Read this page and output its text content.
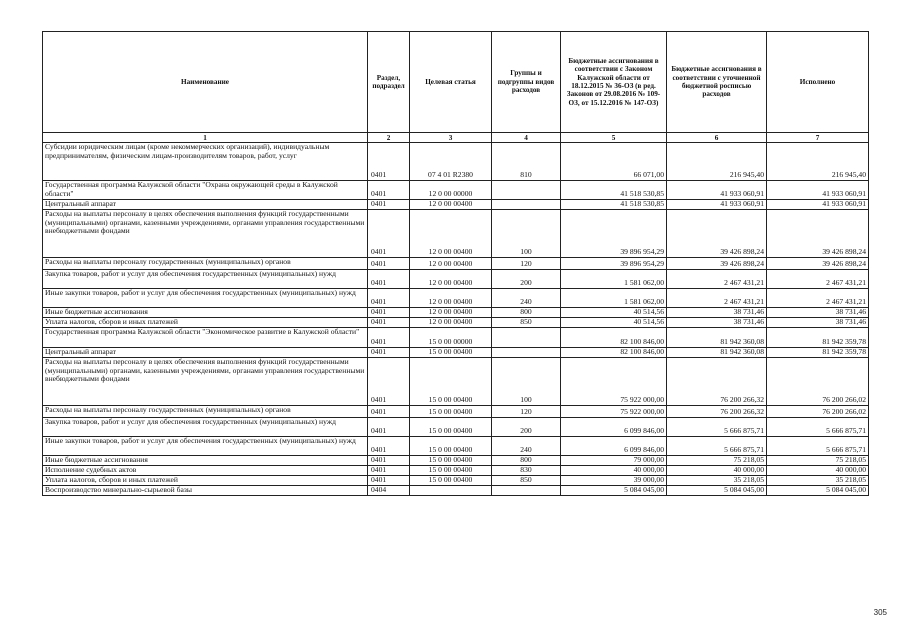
Наименование	Раздел, подраздел	Целевая статья	Группы и подгруппы видов расходов	Бюджетные ассигнования в соответствии с Законом Калужской области от 18.12.2015 № 36-ОЗ (в ред. Законов от 29.08.2016 № 109-ОЗ, от 15.12.2016 № 147-ОЗ)	Бюджетные ассигнования в соответствии с уточненной бюджетной росписью расходов	Исполнено
1	2	3	4	5	6	7
Субсидии юридическим лицам (кроме некоммерческих организаций), индивидуальным предпринимателям, физическим лицам-производителям товаров, работ, услуг	0401	07 4 01 R2380	810	66 071,00	216 945,40	216 945,40
Государственная программа Калужской области "Охрана окружающей среды в Калужской области"	0401	12 0 00 00000		41 518 530,85	41 933 060,91	41 933 060,91
Центральный аппарат	0401	12 0 00 00400		41 518 530,85	41 933 060,91	41 933 060,91
Расходы на выплаты персоналу в целях обеспечения выполнения функций государственными (муниципальными) органами, казенными учреждениями, органами управления государственными внебюджетными фондами	0401	12 0 00 00400	100	39 896 954,29	39 426 898,24	39 426 898,24
Расходы на выплаты персоналу государственных (муниципальных) органов	0401	12 0 00 00400	120	39 896 954,29	39 426 898,24	39 426 898,24
Закупка товаров, работ и услуг для обеспечения государственных (муниципальных) нужд	0401	12 0 00 00400	200	1 581 062,00	2 467 431,21	2 467 431,21
Иные закупки товаров, работ и услуг для обеспечения государственных (муниципальных) нужд	0401	12 0 00 00400	240	1 581 062,00	2 467 431,21	2 467 431,21
Иные бюджетные ассигнования	0401	12 0 00 00400	800	40 514,56	38 731,46	38 731,46
Уплата налогов, сборов и иных платежей	0401	12 0 00 00400	850	40 514,56	38 731,46	38 731,46
Государственная программа Калужской области "Экономическое развитие в Калужской области"	0401	15 0 00 00000		82 100 846,00	81 942 360,08	81 942 359,78
Центральный аппарат	0401	15 0 00 00400		82 100 846,00	81 942 360,08	81 942 359,78
Расходы на выплаты персоналу в целях обеспечения выполнения функций государственными (муниципальными) органами, казенными учреждениями, органами управления государственными внебюджетными фондами	0401	15 0 00 00400	100	75 922 000,00	76 200 266,32	76 200 266,02
Расходы на выплаты персоналу государственных (муниципальных) органов	0401	15 0 00 00400	120	75 922 000,00	76 200 266,32	76 200 266,02
Закупка товаров, работ и услуг для обеспечения государственных (муниципальных) нужд	0401	15 0 00 00400	200	6 099 846,00	5 666 875,71	5 666 875,71
Иные закупки товаров, работ и услуг для обеспечения государственных (муниципальных) нужд	0401	15 0 00 00400	240	6 099 846,00	5 666 875,71	5 666 875,71
Иные бюджетные ассигнования	0401	15 0 00 00400	800	79 000,00	75 218,05	75 218,05
Исполнение судебных актов	0401	15 0 00 00400	830	40 000,00	40 000,00	40 000,00
Уплата налогов, сборов и иных платежей	0401	15 0 00 00400	850	39 000,00	35 218,05	35 218,05
Воспроизводство минерально-сырьевой базы	0404			5 084 045,00	5 084 045,00	5 084 045,00
305
